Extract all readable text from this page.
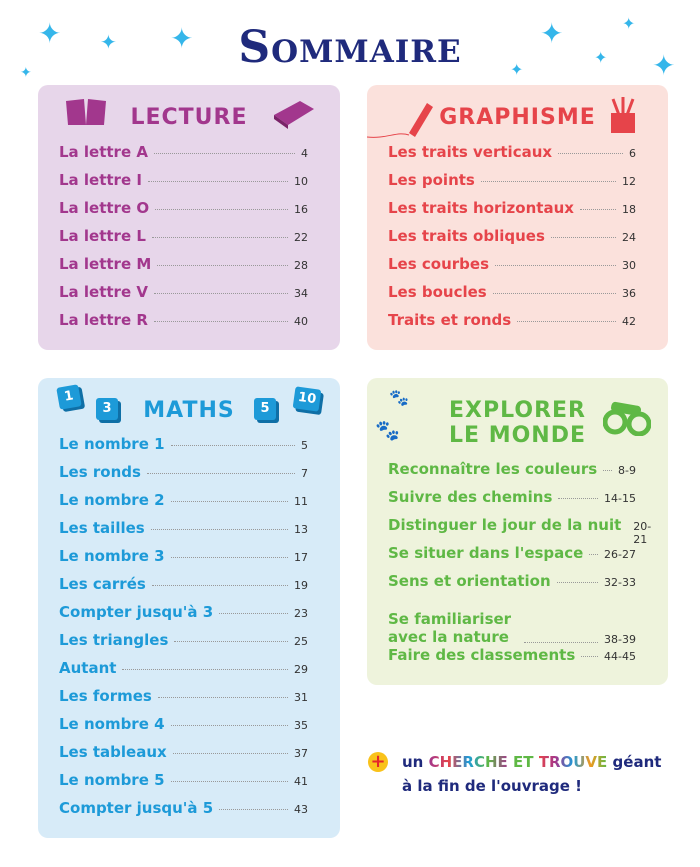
Sommaire
✦ ✦ ✦
✦
✦	✦
✦
✦ ✦
LECTURE
La lettre A	4
La lettre I	10
La lettre O	16
La lettre L	22
La lettre M	28
La lettre V	34
La lettre R	40
GRAPHISME
Les traits verticaux	6
Les points	12
Les traits horizontaux	18
Les traits obliques	24
Les courbes	30
Les boucles	36
Traits et ronds	42
1
3	MATHS	5
10
Le nombre 1	5
Les ronds	7
Le nombre 2	11
Les tailles	13
Le nombre 3	17
Les carrés	19
Compter jusqu'à 3	23
Les triangles	25
Autant	29
Les formes	31
Le nombre 4	35
Les tableaux	37
Le nombre 5	41
Compter jusqu'à 5	43
🐾
🐾
EXPLORER
LE MONDE
Reconnaître les couleurs 8-9
Suivre des chemins	14-15
Distinguer le jour de la nuit 20-21
Se situer dans l'espace 26-27
Sens et orientation	32-33
Se familiariser avec la nature	38-39
Faire des classements	44-45
+	un CHERCHE ET TROUVE géant
à la fin de l'ouvrage !
